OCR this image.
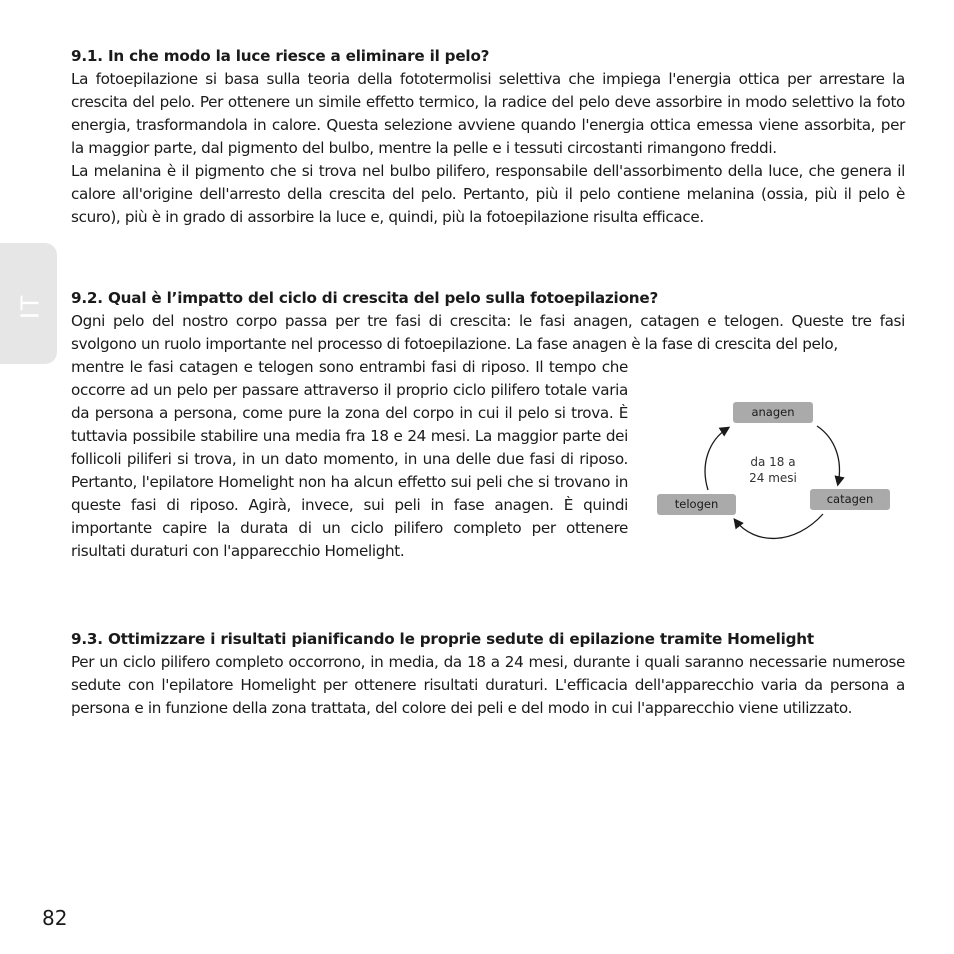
IT
9.1. In che modo la luce riesce a eliminare il pelo?

La fotoepilazione si basa sulla teoria della fototermolisi selettiva che impiega l'energia ottica per arrestare la crescita del pelo. Per ottenere un simile effetto termico, la radice del pelo deve assorbire in modo selettivo la foto energia, trasformandola in calore. Questa selezione avviene quando l'energia ottica emessa viene assorbita, per la maggior parte, dal pigmento del bulbo, mentre la pelle e i tessuti circostanti rimangono freddi.

La melanina è il pigmento che si trova nel bulbo pilifero, responsabile dell'assorbimento della luce, che genera il calore all'origine dell'arresto della crescita del pelo. Pertanto, più il pelo contiene melanina (ossia, più il pelo è scuro), più è in grado di assorbire la luce e, quindi, più la fotoepilazione risulta efficace.

9.2. Qual è l’impatto del ciclo di crescita del pelo sulla fotoepilazione?

Ogni pelo del nostro corpo passa per tre fasi di crescita: le fasi anagen, catagen e telogen. Queste tre fasi svolgono un ruolo importante nel processo di fotoepilazione. La fase anagen è la fase di crescita del pelo,

mentre le fasi catagen e telogen sono entrambi fasi di riposo. Il tempo che occorre ad un pelo per passare attraverso il proprio ciclo pilifero totale varia da persona a persona, come pure la zona del corpo in cui il pelo si trova. È tuttavia possibile stabilire una media fra 18 e 24 mesi. La maggior parte dei follicoli piliferi si trova, in un dato momento, in una delle due fasi di riposo. Pertanto, l'epilatore Homelight non ha alcun effetto sui peli che si trovano in queste fasi di riposo. Agirà, invece, sui peli in fase anagen. È quindi importante capire la durata di un ciclo pilifero completo per ottenere risultati duraturi con l'apparecchio Homelight.

anagen
catagen
telogen
da 18 a
24 mesi
9.3. Ottimizzare i risultati pianificando le proprie sedute di epilazione tramite Homelight

Per un ciclo pilifero completo occorrono, in media, da 18 a 24 mesi, durante i quali saranno necessarie numerose sedute con l'epilatore Homelight per ottenere risultati duraturi. L'efficacia dell'apparecchio varia da persona a persona e in funzione della zona trattata, del colore dei peli e del modo in cui l'apparecchio viene utilizzato.

82
